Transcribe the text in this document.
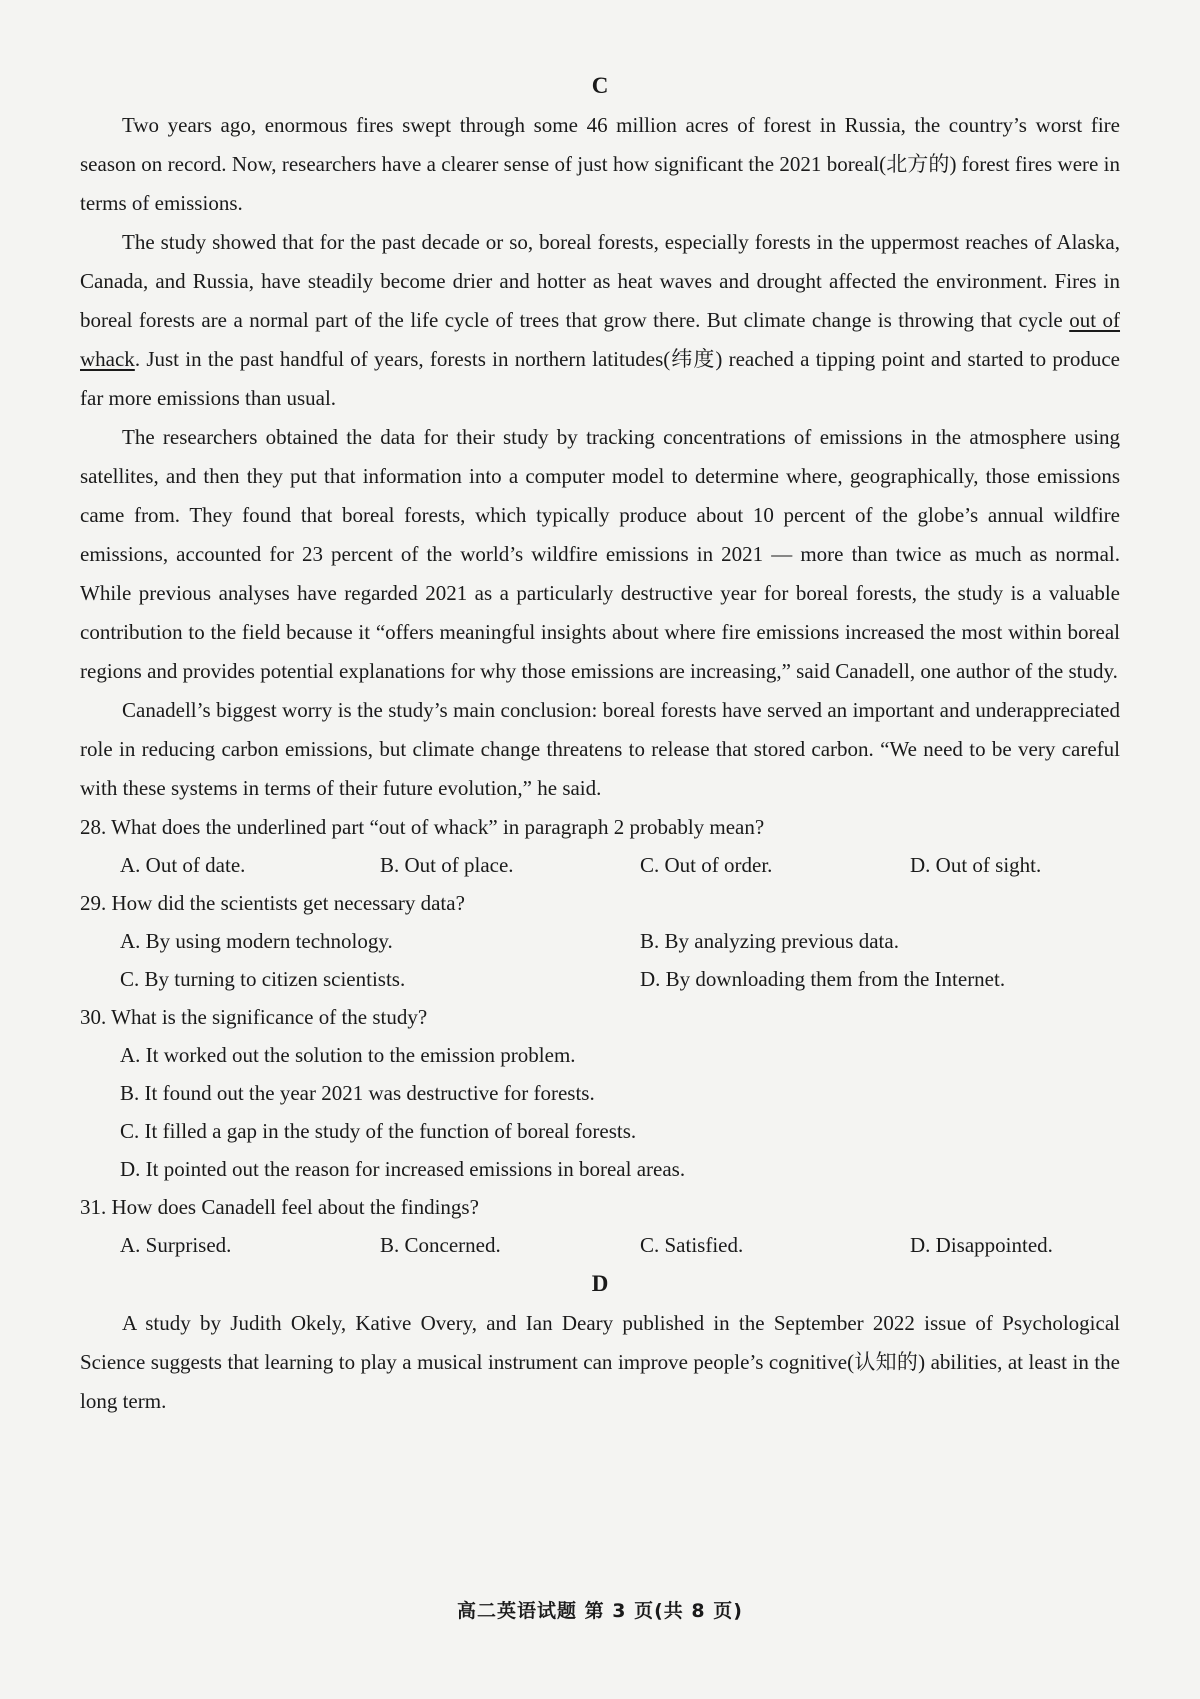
C

Two years ago, enormous fires swept through some 46 million acres of forest in Russia, the country’s worst fire season on record. Now, researchers have a clearer sense of just how significant the 2021 boreal(北方的) forest fires were in terms of emissions.

The study showed that for the past decade or so, boreal forests, especially forests in the uppermost reaches of Alaska, Canada, and Russia, have steadily become drier and hotter as heat waves and drought affected the environment. Fires in boreal forests are a normal part of the life cycle of trees that grow there. But climate change is throwing that cycle out of whack. Just in the past handful of years, forests in northern latitudes(纬度) reached a tipping point and started to produce far more emissions than usual.

The researchers obtained the data for their study by tracking concentrations of emissions in the atmosphere using satellites, and then they put that information into a computer model to determine where, geographically, those emissions came from. They found that boreal forests, which typically produce about 10 percent of the globe’s annual wildfire emissions, accounted for 23 percent of the world’s wildfire emissions in 2021 — more than twice as much as normal. While previous analyses have regarded 2021 as a particularly destructive year for boreal forests, the study is a valuable contribution to the field because it “offers meaningful insights about where fire emissions increased the most within boreal regions and provides potential explanations for why those emissions are increasing,” said Canadell, one author of the study.

Canadell’s biggest worry is the study’s main conclusion: boreal forests have served an important and underappreciated role in reducing carbon emissions, but climate change threatens to release that stored carbon. “We need to be very careful with these systems in terms of their future evolution,” he said.

28. What does the underlined part “out of whack” in paragraph 2 probably mean?
A. Out of date.	B. Out of place.	C. Out of order.	D. Out of sight.
29. How did the scientists get necessary data?
A. By using modern technology.	B. By analyzing previous data.
C. By turning to citizen scientists.	D. By downloading them from the Internet.
30. What is the significance of the study?
A. It worked out the solution to the emission problem.
B. It found out the year 2021 was destructive for forests.
C. It filled a gap in the study of the function of boreal forests.
D. It pointed out the reason for increased emissions in boreal areas.
31. How does Canadell feel about the findings?
A. Surprised.	B. Concerned.	C. Satisfied.	D. Disappointed.
D

A study by Judith Okely, Kative Overy, and Ian Deary published in the September 2022 issue of Psychological Science suggests that learning to play a musical instrument can improve people’s cognitive(认知的) abilities, at least in the long term.

高二英语试题 第 3 页(共 8 页)
